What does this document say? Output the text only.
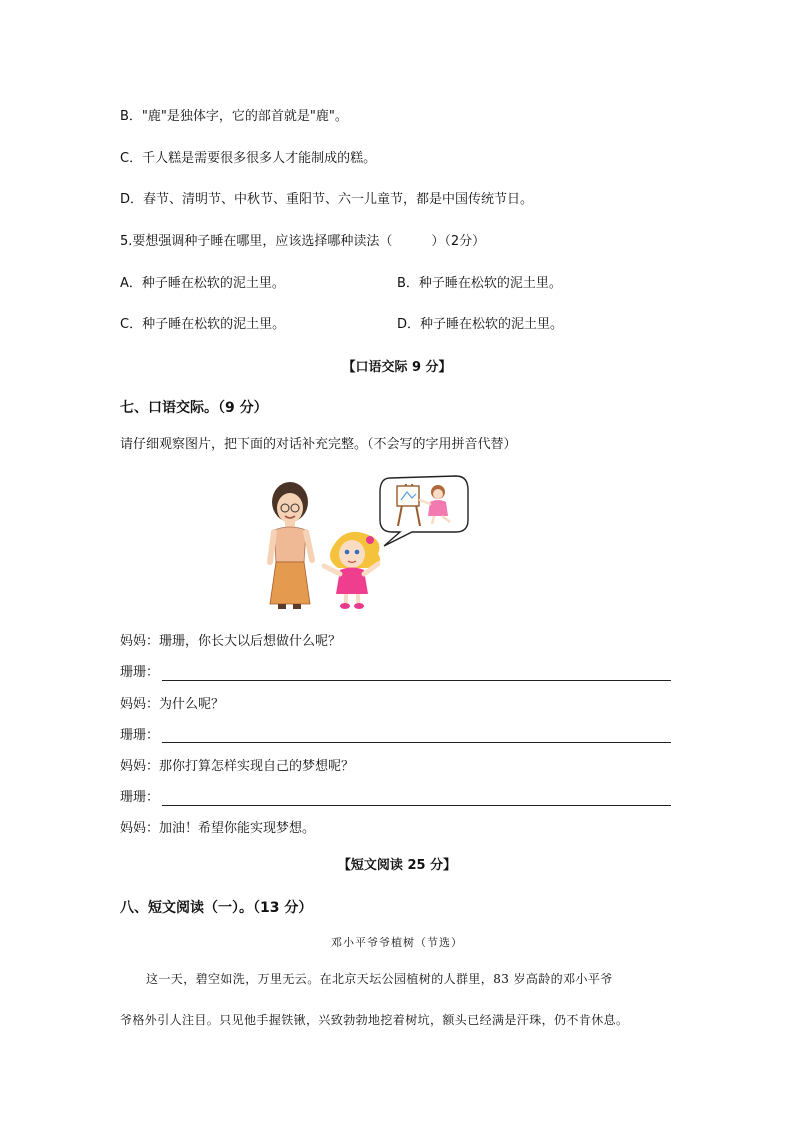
B．"鹿"是独体字，它的部首就是"鹿"。
C．千人糕是需要很多很多人才能制成的糕。
D．春节、清明节、中秋节、重阳节、六一儿童节，都是中国传统节日。
5.要想强调种子睡在哪里，应该选择哪种读法（　　　）（2分）
A．种子睡在松软的泥土里。	B．种子睡在松软的泥土里。
C．种子睡在松软的泥土里。	D．种子睡在松软的泥土里。
【口语交际 9 分】
七、口语交际。（9 分）
请仔细观察图片，把下面的对话补充完整。（不会写的字用拼音代替）
妈妈：珊珊，你长大以后想做什么呢？
珊珊：
妈妈：为什么呢？
珊珊：
妈妈：那你打算怎样实现自己的梦想呢？
珊珊：
妈妈：加油！希望你能实现梦想。
【短文阅读 25 分】
八、短文阅读（一）。（13 分）
邓小平爷爷植树（节选）
这一天，碧空如洗，万里无云。在北京天坛公园植树的人群里，83 岁高龄的邓小平爷
爷格外引人注目。只见他手握铁锹，兴致勃勃地挖着树坑，额头已经满是汗珠，仍不肯休息。
